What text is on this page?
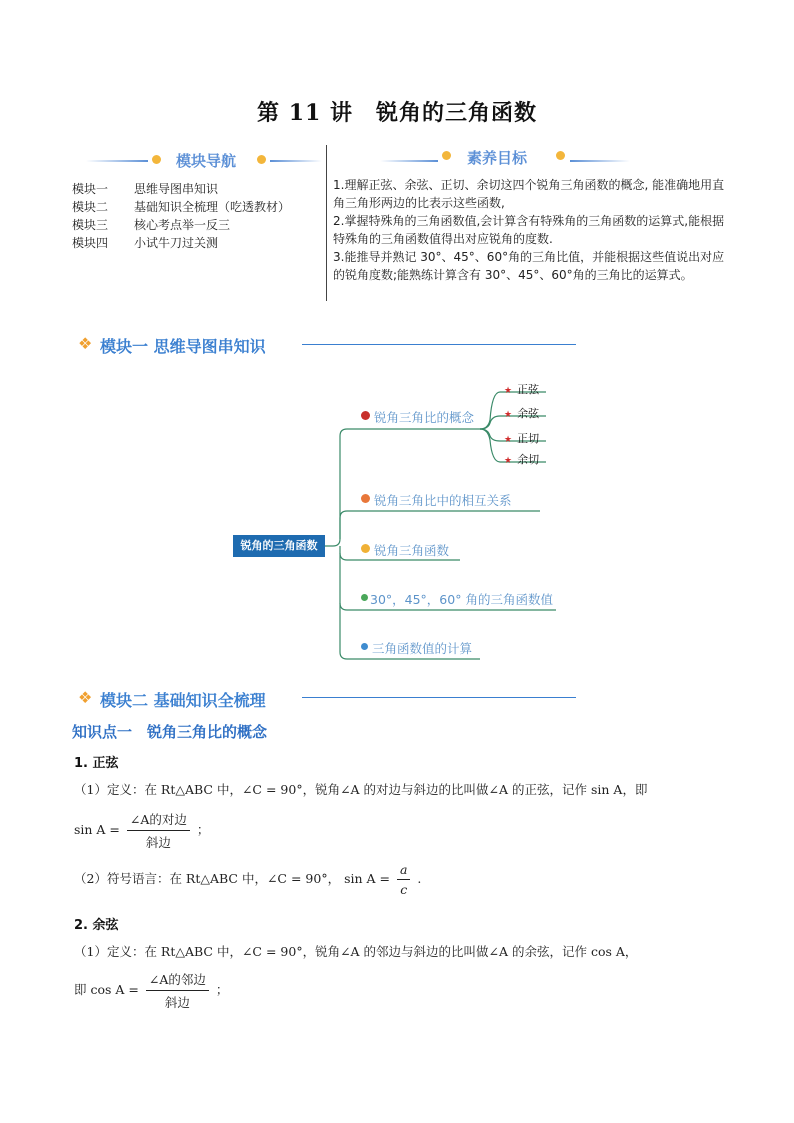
第 11 讲　锐角的三角函数
模块导航
模块一 思维导图串知识
模块二 基础知识全梳理（吃透教材）
模块三 核心考点举一反三
模块四 小试牛刀过关测
素养目标
1.理解正弦、余弦、正切、余切这四个锐角三角函数的概念, 能准确地用直角三角形两边的比表示这些函数,
2.掌握特殊角的三角函数值,会计算含有特殊角的三角函数的运算式,能根据特殊角的三角函数值得出对应锐角的度数.
3.能推导并熟记 30°、45°、60°角的三角比值，并能根据这些值说出对应的锐角度数;能熟练计算含有 30°、45°、60°角的三角比的运算式。
❖ 模块一 思维导图串知识
锐角的三角函数
锐角三角比的概念
锐角三角比中的相互关系
锐角三角函数
30°，45°，60° 角的三角函数值
三角函数值的计算
★ 正弦
★ 余弦
★ 正切
★ 余切
❖ 模块二 基础知识全梳理
知识点一　锐角三角比的概念
1. 正弦
（1）定义：在 Rt△ABC 中，∠C = 90°，锐角∠A 的对边与斜边的比叫做∠A 的正弦，记作 sin A，即
$\sin A = \frac{\text{∠A的对边}}{\text{斜边}}$ ；
（2）符号语言：在 Rt△ABC 中，∠C = 90°， $\sin A = \frac{a}{c}$ .
2. 余弦
（1）定义：在 Rt△ABC 中，∠C = 90°，锐角∠A 的邻边与斜边的比叫做∠A 的余弦，记作 cos A，
即 $\cos A = \frac{\text{∠A的邻边}}{\text{斜边}}$ ；
